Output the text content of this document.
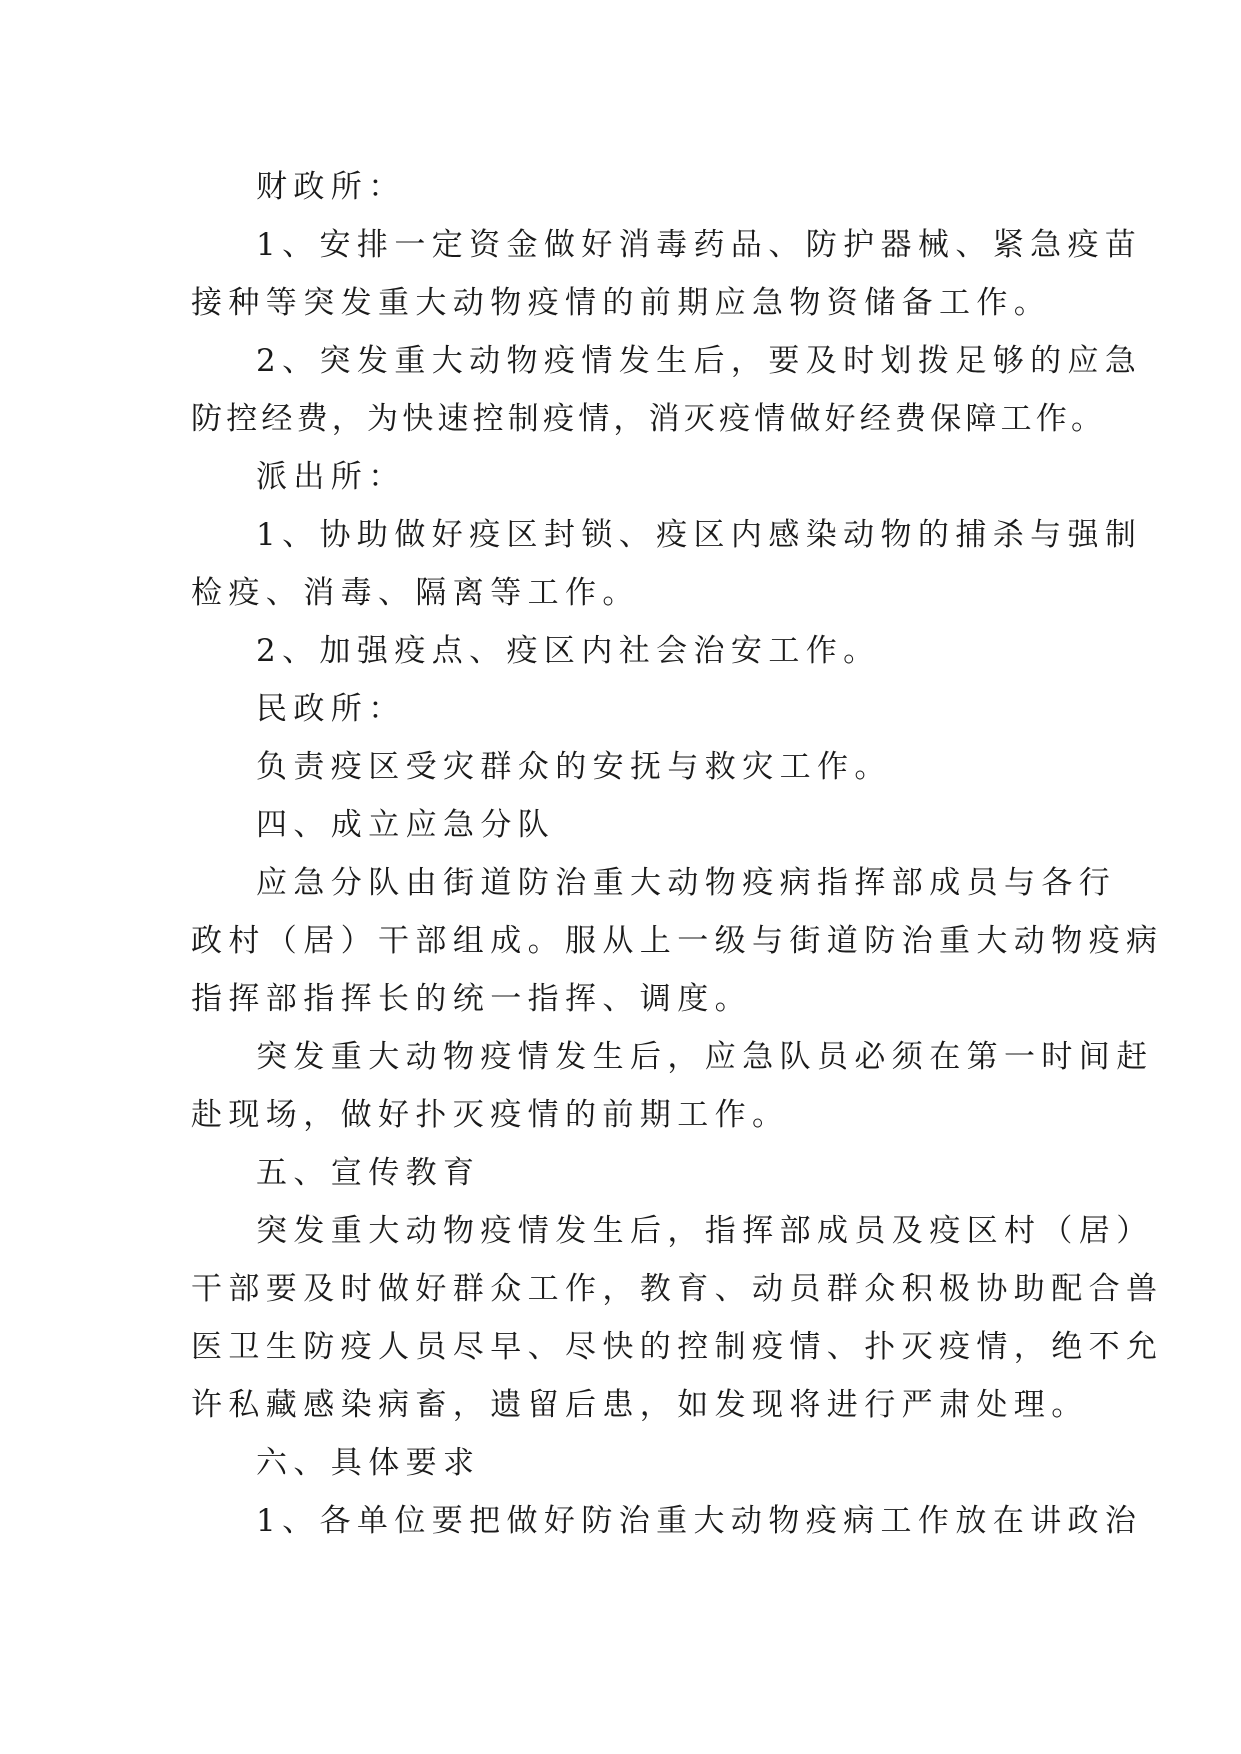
财政所：
1、安排一定资金做好消毒药品、防护器械、紧急疫苗
接种等突发重大动物疫情的前期应急物资储备工作。
2、突发重大动物疫情发生后，要及时划拨足够的应急
防控经费，为快速控制疫情，消灭疫情做好经费保障工作。
派出所：
1、协助做好疫区封锁、疫区内感染动物的捕杀与强制
检疫、消毒、隔离等工作。
2、加强疫点、疫区内社会治安工作。
民政所：
负责疫区受灾群众的安抚与救灾工作。
四、成立应急分队
应急分队由街道防治重大动物疫病指挥部成员与各行
政村（居）干部组成。服从上一级与街道防治重大动物疫病
指挥部指挥长的统一指挥、调度。
突发重大动物疫情发生后，应急队员必须在第一时间赶
赴现场，做好扑灭疫情的前期工作。
五、宣传教育
突发重大动物疫情发生后，指挥部成员及疫区村（居）
干部要及时做好群众工作，教育、动员群众积极协助配合兽
医卫生防疫人员尽早、尽快的控制疫情、扑灭疫情，绝不允
许私藏感染病畜，遗留后患，如发现将进行严肃处理。
六、具体要求
1、各单位要把做好防治重大动物疫病工作放在讲政治
